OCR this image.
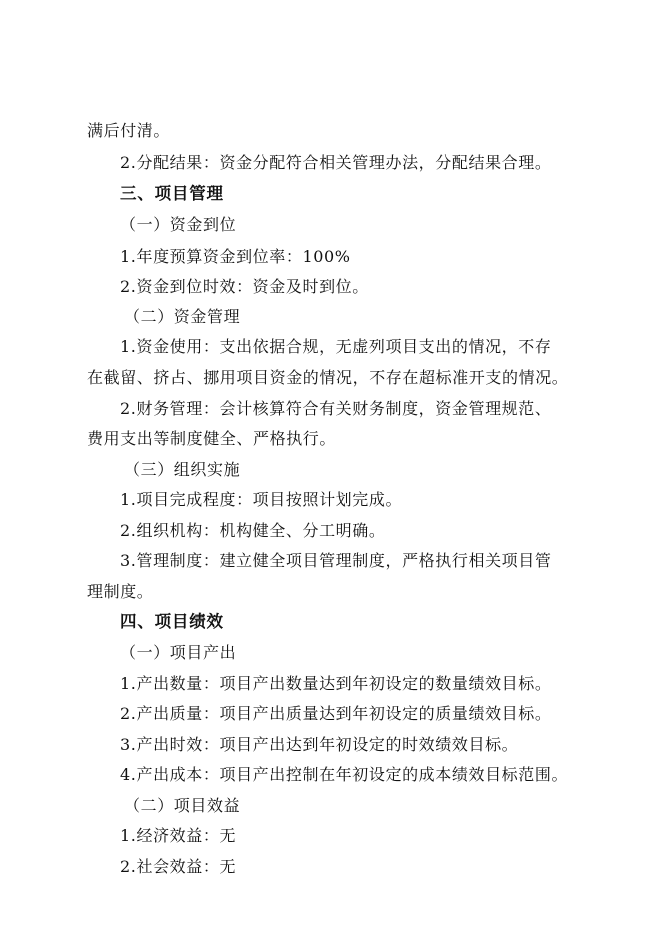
满后付清。
2.分配结果：资金分配符合相关管理办法，分配结果合理。
三、项目管理
（一）资金到位
1.年度预算资金到位率：100%
2.资金到位时效：资金及时到位。
（二）资金管理
1.资金使用：支出依据合规，无虚列项目支出的情况，不存
在截留、挤占、挪用项目资金的情况，不存在超标准开支的情况。
2.财务管理：会计核算符合有关财务制度，资金管理规范、
费用支出等制度健全、严格执行。
（三）组织实施
1.项目完成程度：项目按照计划完成。
2.组织机构：机构健全、分工明确。
3.管理制度：建立健全项目管理制度，严格执行相关项目管
理制度。
四、项目绩效
（一）项目产出
1.产出数量：项目产出数量达到年初设定的数量绩效目标。
2.产出质量：项目产出质量达到年初设定的质量绩效目标。
3.产出时效：项目产出达到年初设定的时效绩效目标。
4.产出成本：项目产出控制在年初设定的成本绩效目标范围。
（二）项目效益
1.经济效益：无
2.社会效益：无
